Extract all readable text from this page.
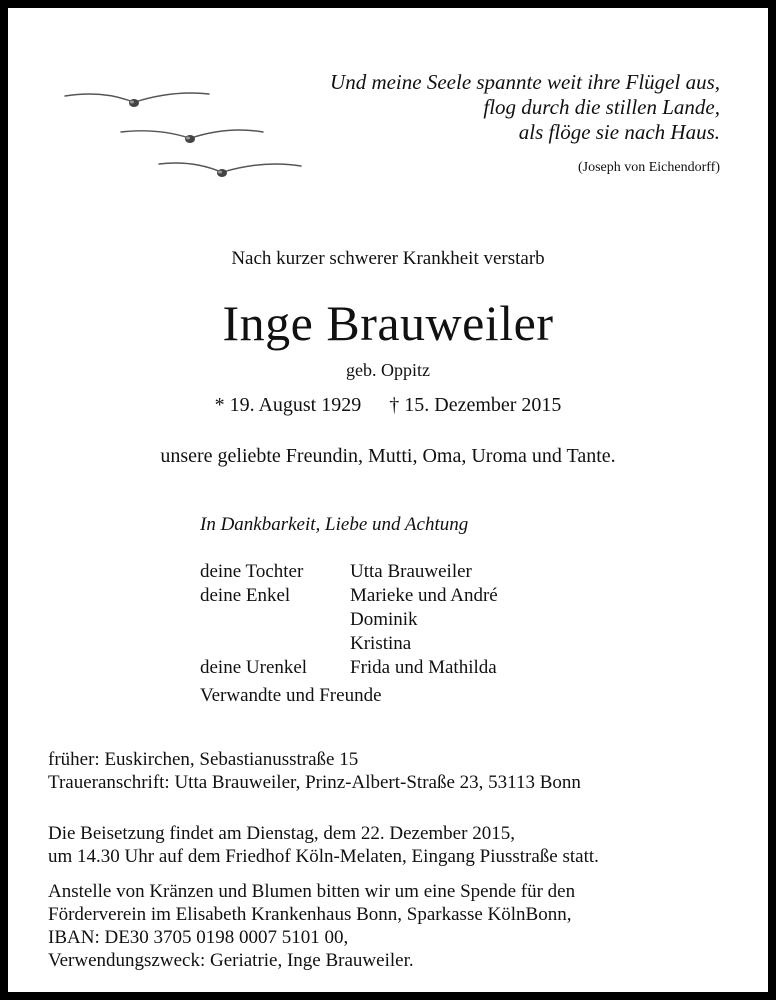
Und meine Seele spannte weit ihre Flügel aus,
flog durch die stillen Lande,
als flöge sie nach Haus.
(Joseph von Eichendorff)
Nach kurzer schwerer Krankheit verstarb
Inge Brauweiler
geb. Oppitz
* 19. August 1929 † 15. Dezember 2015
unsere geliebte Freundin, Mutti, Oma, Uroma und Tante.
In Dankbarkeit, Liebe und Achtung
deine Tochter	Utta Brauweiler
deine Enkel	Marieke und André
Dominik
Kristina
deine Urenkel	Frida und Mathilda
Verwandte und Freunde
früher: Euskirchen, Sebastianusstraße 15
Traueranschrift: Utta Brauweiler, Prinz-Albert-Straße 23, 53113 Bonn
Die Beisetzung findet am Dienstag, dem 22. Dezember 2015,
um 14.30 Uhr auf dem Friedhof Köln-Melaten, Eingang Piusstraße statt.
Anstelle von Kränzen und Blumen bitten wir um eine Spende für den
Förderverein im Elisabeth Krankenhaus Bonn, Sparkasse KölnBonn,
IBAN: DE30 3705 0198 0007 5101 00,
Verwendungszweck: Geriatrie, Inge Brauweiler.
